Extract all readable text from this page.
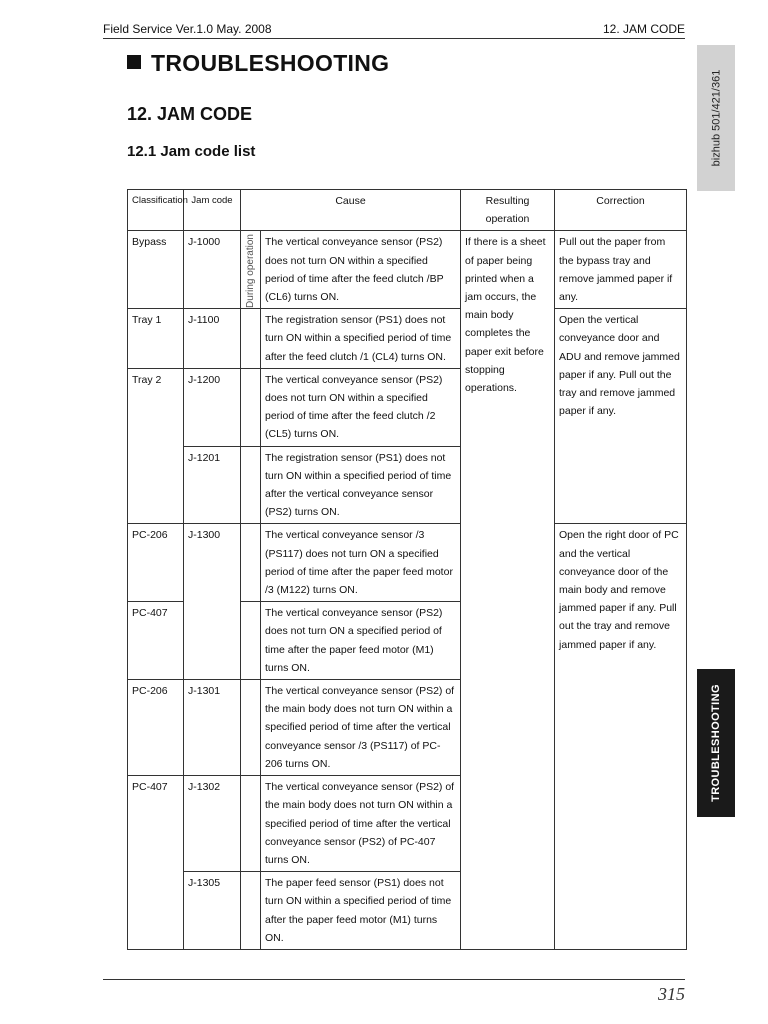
Field Service Ver.1.0 May. 2008	12. JAM CODE
bizhub 501/421/361
TROUBLESHOOTING
TROUBLESHOOTING
12. JAM CODE
12.1 Jam code list
Classification	Jam code	Cause		Resulting operation	Correction
Bypass	J-1000	During operation	The vertical conveyance sensor (PS2) does not turn ON within a specified period of time after the feed clutch /BP (CL6) turns ON.	If there is a sheet of paper being printed when a jam occurs, the main body completes the paper exit before stopping operations.	Pull out the paper from the bypass tray and remove jammed paper if any.
Tray 1	J-1100		The registration sensor (PS1) does not turn ON within a specified period of time after the feed clutch /1 (CL4) turns ON.		Open the vertical conveyance door and ADU and remove jammed paper if any. Pull out the tray and remove jammed paper if any.
Tray 2	J-1200		The vertical conveyance sensor (PS2) does not turn ON within a specified period of time after the feed clutch /2 (CL5) turns ON.		
	J-1201		The registration sensor (PS1) does not turn ON within a specified period of time after the vertical conveyance sensor (PS2) turns ON.		
PC-206	J-1300		The vertical conveyance sensor /3 (PS117) does not turn ON a specified period of time after the paper feed motor /3 (M122) turns ON.		Open the right door of PC and the vertical conveyance door of the main body and remove jammed paper if any. Pull out the tray and remove jammed paper if any.
PC-407			The vertical conveyance sensor (PS2) does not turn ON a specified period of time after the paper feed motor (M1) turns ON.		
PC-206	J-1301		The vertical conveyance sensor (PS2) of the main body does not turn ON within a specified period of time after the vertical conveyance sensor /3 (PS117) of PC-206 turns ON.		
PC-407	J-1302		The vertical conveyance sensor (PS2) of the main body does not turn ON within a specified period of time after the vertical conveyance sensor (PS2) of PC-407 turns ON.		
	J-1305		The paper feed sensor (PS1) does not turn ON within a specified period of time after the paper feed motor (M1) turns ON.		
315
